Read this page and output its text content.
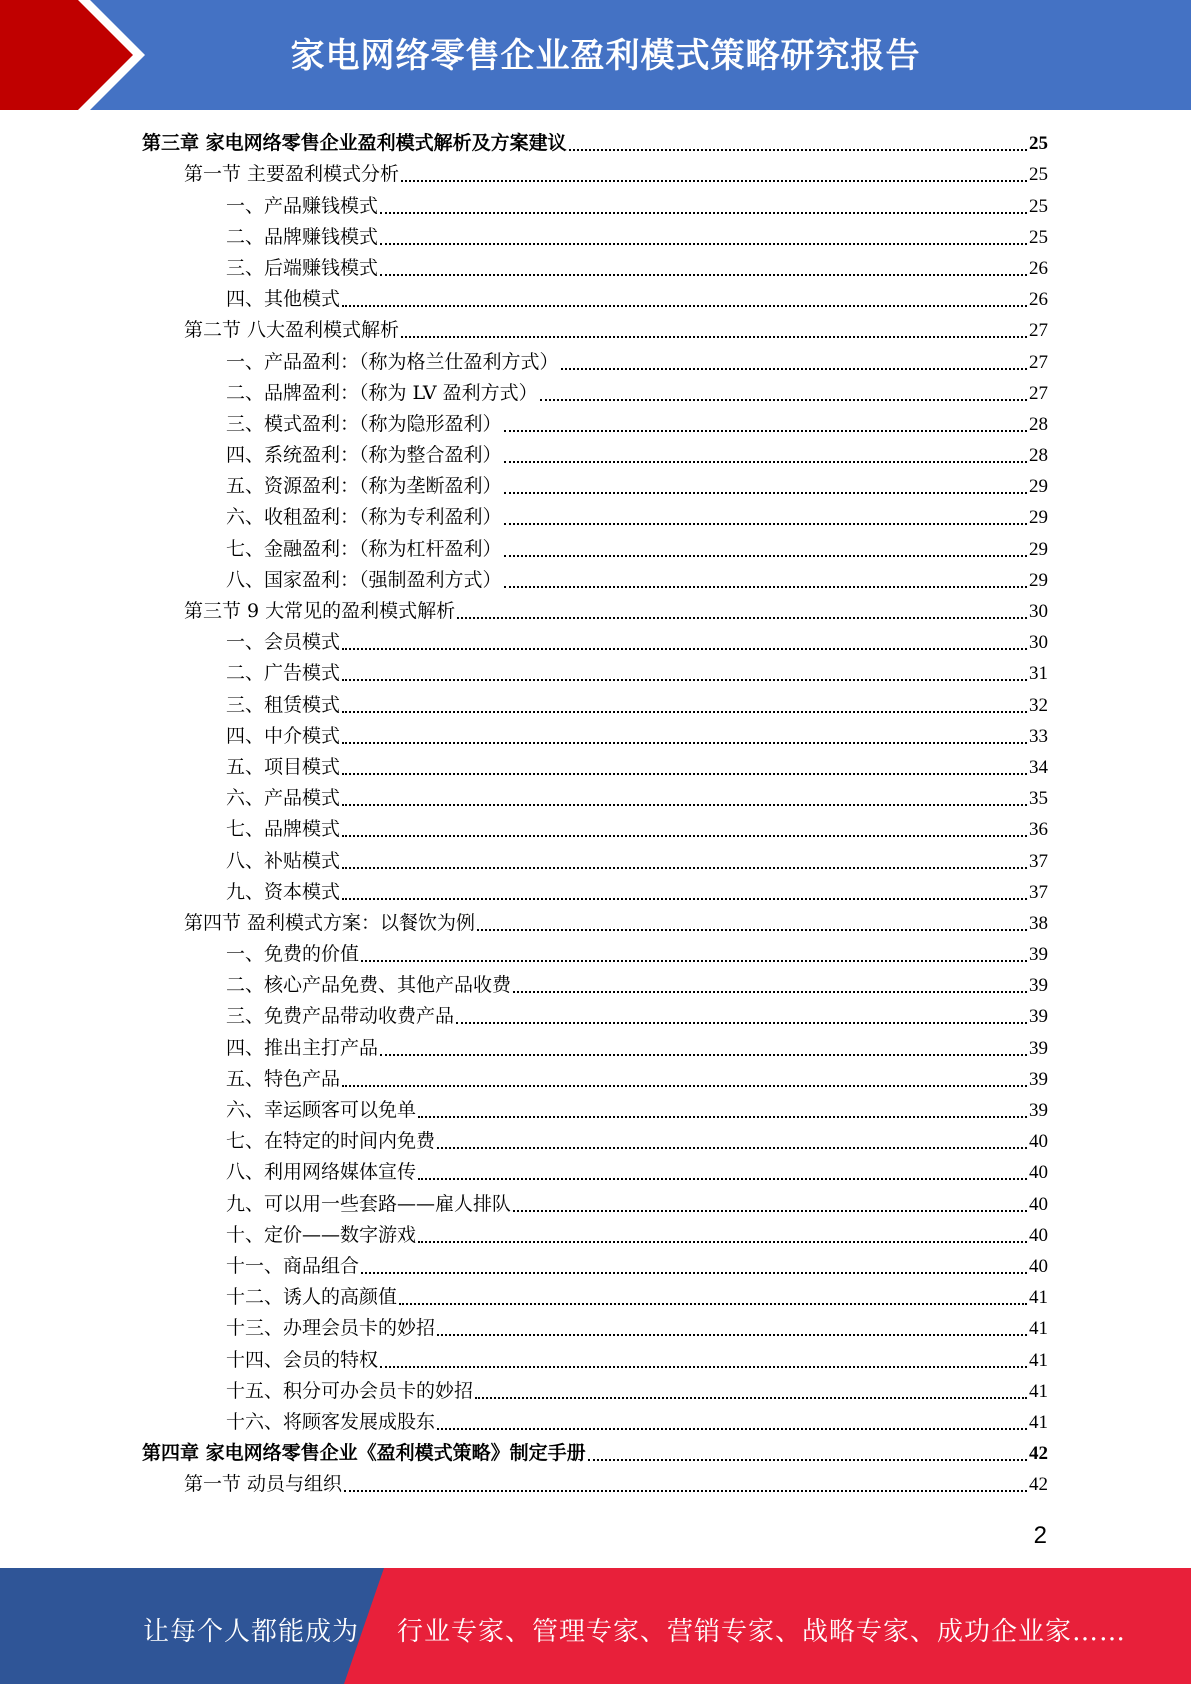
家电网络零售企业盈利模式策略研究报告
第三章 家电网络零售企业盈利模式解析及方案建议	25
第一节 主要盈利模式分析	25
一、产品赚钱模式	25
二、品牌赚钱模式	25
三、后端赚钱模式	26
四、其他模式	26
第二节 八大盈利模式解析	27
一、产品盈利：（称为格兰仕盈利方式）	27
二、品牌盈利：（称为 LV 盈利方式）	27
三、模式盈利：（称为隐形盈利）	28
四、系统盈利：（称为整合盈利）	28
五、资源盈利：（称为垄断盈利）	29
六、收租盈利：（称为专利盈利）	29
七、金融盈利：（称为杠杆盈利）	29
八、国家盈利：（强制盈利方式）	29
第三节 9 大常见的盈利模式解析	30
一、会员模式	30
二、广告模式	31
三、租赁模式	32
四、中介模式	33
五、项目模式	34
六、产品模式	35
七、品牌模式	36
八、补贴模式	37
九、资本模式	37
第四节 盈利模式方案：以餐饮为例	38
一、免费的价值	39
二、核心产品免费、其他产品收费	39
三、免费产品带动收费产品	39
四、推出主打产品	39
五、特色产品	39
六、幸运顾客可以免单	39
七、在特定的时间内免费	40
八、利用网络媒体宣传	40
九、可以用一些套路——雇人排队	40
十、定价——数字游戏	40
十一、商品组合	40
十二、诱人的高颜值	41
十三、办理会员卡的妙招	41
十四、会员的特权	41
十五、积分可办会员卡的妙招	41
十六、将顾客发展成股东	41
第四章 家电网络零售企业《盈利模式策略》制定手册	42
第一节 动员与组织	42
2
让每个人都能成为 行业专家、管理专家、营销专家、战略专家、成功企业家……
